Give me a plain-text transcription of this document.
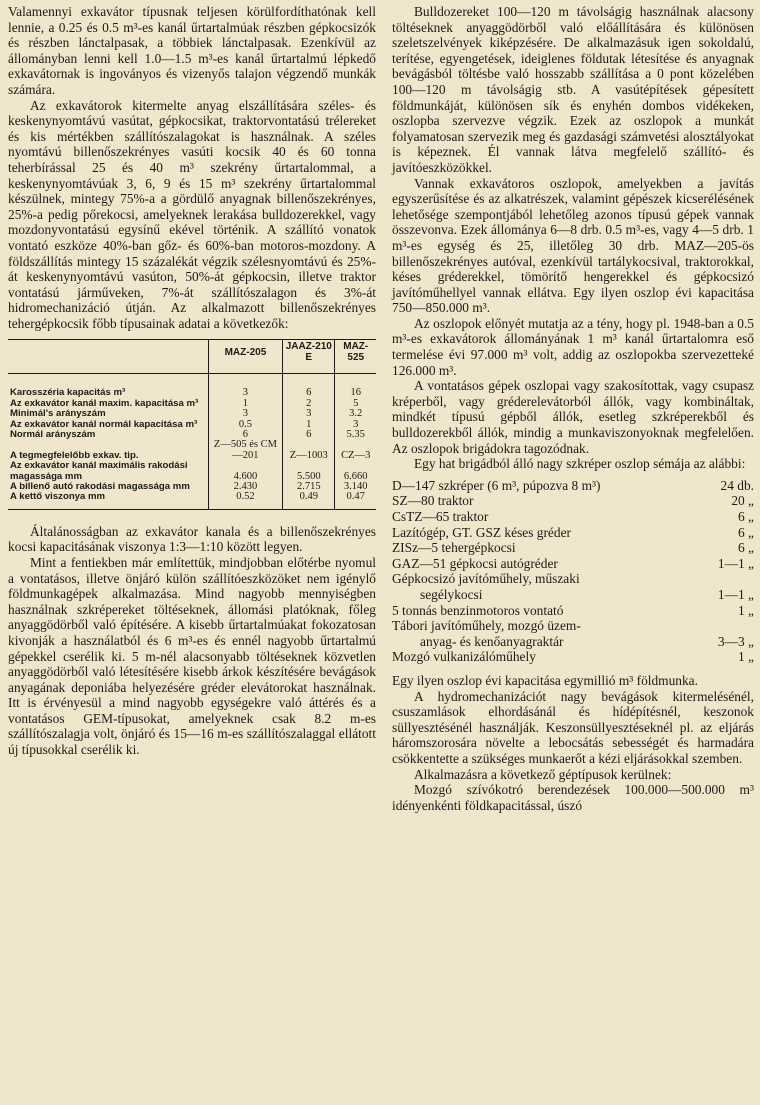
Valamennyi exkavátor típusnak teljesen körülfordíthatónak kell lennie, a 0.25 és 0.5 m³-es kanál űrtartalmúak részben gépkocsizók és részben lánctalpasak, a többiek lánctalpasak. Ezenkívül az állományban lenni kell 1.0—1.5 m³-es kanál űrtartalmú lépkedő exkavátornak is ingoványos és vizenyős talajon végzendő munkák számára.

Az exkavátorok kitermelte anyag elszállítására széles- és keskenynyomtávú vasútat, gépkocsikat, traktorvontatású trélereket és kis mértékben szállítószalagokat is használnak. A széles nyomtávú billenőszekrényes vasúti kocsik 40 és 60 tonna teherbírással 25 és 40 m³ szekrény űrtartalommal, a keskenynyomtávúak 3, 6, 9 és 15 m³ szekrény űrtartalommal készülnek, mintegy 75%-a a gördülő anyagnak billenőszekrényes, 25%-a pedig pőrekocsi, amelyeknek lerakása bulldozerekkel, vagy mozdonyvontatású egysínű ekével történik. A szállító vonatok vontató eszköze 40%-ban gőz- és 60%-ban motoros-mozdony. A földszállítás mintegy 15 százalékát végzik szélesnyomtávú és 25%-át keskenynyomtávú vasúton, 50%-át gépkocsin, illetve traktor vontatású járműveken, 7%-át szállítószalagon és 3%-át hidromechanizáció útján. Az alkalmazott billenőszekrényes tehergépkocsik főbb típusainak adatai a következők:

	MAZ-205	JAAZ-210 E	MAZ-525
Karosszéria kapacitás m³	3	6	16
Az exkavátor kanál maxim. kapacitása m³	1	2	5
Minimál's arányszám	3	3	3.2
Az exkavátor kanál normál kapacitása m³	0.5	1	3
Normál arányszám	6	6	5.35
A tegmegfelelőbb exkav. tip.	Z—505 és CM—201	Z—1003	CZ—3
Az exkavátor kanál maximális rakodási magassága mm	4.600	5.500	6.660
A billenő autó rakodási magassága mm	2.430	2.715	3.140
A kettő viszonya mm	0.52	0.49	0.47

Általánosságban az exkavátor kanala és a billenőszekrényes kocsi kapacitásának viszonya 1:3—1:10 között legyen.

Mint a fentiekben már említettük, mindjobban előtérbe nyomul a vontatásos, illetve önjáró külön szállítóeszközöket nem igénylő földmunkagépek alkalmazása. Mind nagyobb mennyiségben használnak szkrépereket töltéseknek, állomási platóknak, főleg anyaggödörből való építésére. A kisebb űrtartalmúakat fokozatosan kivonják a használatból és 6 m³-es és ennél nagyobb űrtartalmú gépekkel cserélik ki. 5 m-nél alacsonyabb töltéseknek közvetlen anyaggödörből való létesítésére kisebb árkok készítésére bevágások anyagának deponiába helyezésére gréder elevátorokat használnak. Itt is érvényesül a mind nagyobb egységekre való áttérés és a vontatásos GEM-típusokat, amelyeknek csak 8.2 m-es szállítószalagja volt, önjáró és 15—16 m-es szállítószalaggal ellátott új típusokkal cserélik ki.

Bulldozereket 100—120 m távolságig használnak alacsony töltéseknek anyaggödörből való előállítására és különösen szeletszelvények kiképzésére. De alkalmazásuk igen sokoldalú, terítése, egyengetések, ideiglenes földutak létesítése és anyagnak bevágásból töltésbe való hosszabb szállítása a 0 pont közelében 100—120 m távolságig stb. A vasútépítések gépesített földmunkáját, különösen sík és enyhén dombos vidékeken, oszlopba szervezve végzik. Ezek az oszlopok a munkát folyamatosan szervezik meg és gazdasági számvetési alosztályokat is képeznek. Él vannak látva megfelelő szállító- és javítóeszközökkel.

Vannak exkavátoros oszlopok, amelyekben a javítás egyszerűsítése és az alkatrészek, valamint gépészek kicserélésének lehetősége szempontjából lehetőleg azonos típusú gépek vannak összevonva. Ezek állománya 6—8 drb. 0.5 m³-es, vagy 4—5 drb. 1 m³-es egység és 25, illetőleg 30 drb. MAZ—205-ös billenőszekrényes autóval, ezenkívül tartálykocsival, traktorokkal, késes gréderekkel, tömörítő hengerekkel és gépkocsizó javítóműhellyel vannak ellátva. Egy ilyen oszlop évi kapacitása 750—850.000 m³.

Az oszlopok előnyét mutatja az a tény, hogy pl. 1948-ban a 0.5 m³-es exkavátorok állományának 1 m³ kanál űrtartalomra eső termelése évi 97.000 m³ volt, addig az oszlopokba szervezetteké 126.000 m³.

A vontatásos gépek oszlopai vagy szakosítottak, vagy csupasz kréperből, vagy gréderelevátorból állók, vagy kombináltak, mindkét típusú gépből állók, esetleg szkréperekből és bulldozerekből állók, mindig a munkaviszonyoknak megfelelően. Az oszlopok brigádokra tagozódnak.

Egy hat brigádból álló nagy szkréper oszlop sémája az alábbi:

D—147 szkréper (6 m³, púpozva 8 m³)	24 db.
SZ—80 traktor	20 „
CsTZ—65 traktor	6 „
Lazítógép, GT. GSZ késes gréder	6 „
ZISz—5 tehergépkocsi	6 „
GAZ—51 gépkocsi autógréder	1—1 „
Gépkocsizó javítóműhely, műszaki
segélykocsi	1—1 „
5 tonnás benzinmotoros vontató	1 „
Tábori javítóműhely, mozgó üzem-
anyag- és kenőanyagraktár	3—3 „
Mozgó vulkanizálóműhely	1 „

Egy ilyen oszlop évi kapacitása egymillió m³ földmunka.

A hydromechanizációt nagy bevágások kitermelésénél, csuszamlások elhordásánál és hídépítésnél, keszonok süllyesztésénél használják. Keszonsüllyesztéseknél pl. az eljárás háromszorosára növelte a lebocsátás sebességét és harmadára csökkentette a szükséges munkaerőt a kézi eljárásokkal szemben.

Alkalmazásra a következő géptípusok kerülnek:

Mozgó szívókotró berendezések 100.000—500.000 m³ idényenkénti földkapacitással, úszó
